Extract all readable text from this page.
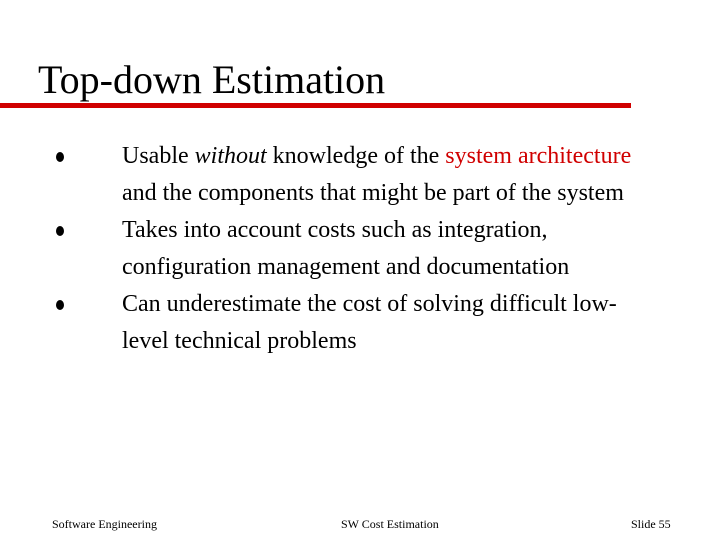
Top-down Estimation
Usable without knowledge of the system architecture and the components that might be part of the system
Takes into account costs such as integration, configuration management and documentation
Can underestimate the cost of solving difficult low-level technical problems
Software Engineering	SW Cost Estimation	Slide 55
